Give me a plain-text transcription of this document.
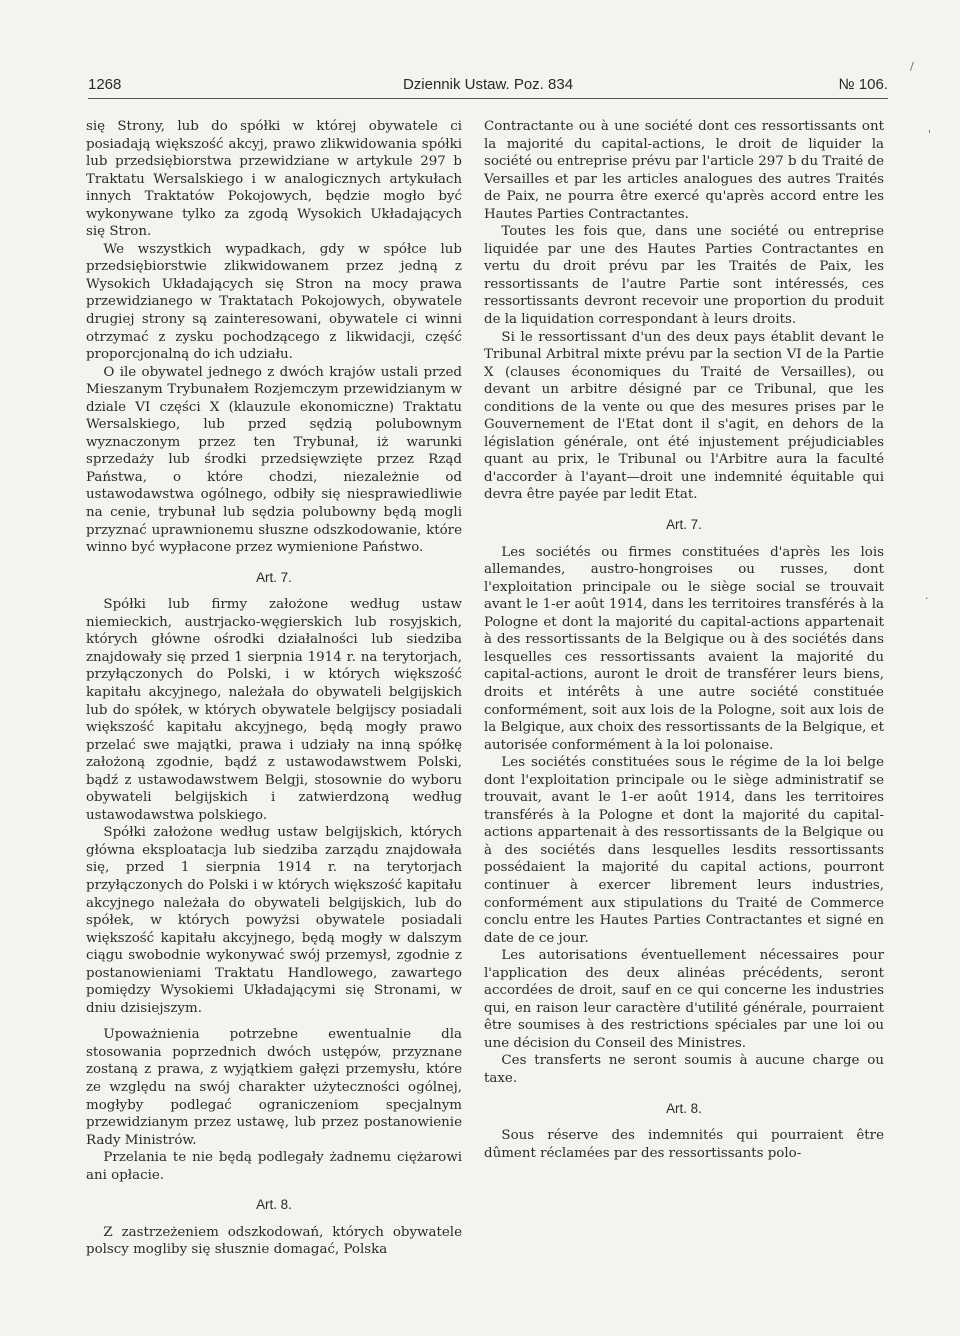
1268	Dziennik Ustaw. Poz. 834	№ 106.

się Strony, lub do spółki w której obywatele ci posiadają większość akcyj, prawo zlikwidowania spółki lub przedsiębiorstwa przewidziane w artykule 297 b Traktatu Wersalskiego i w analogicznych artykułach innych Traktatów Pokojowych, będzie mogło być wykonywane tylko za zgodą Wysokich Układających się Stron.

We wszystkich wypadkach, gdy w spółce lub przedsiębiorstwie zlikwidowanem przez jedną z Wysokich Układających się Stron na mocy prawa przewidzianego w Traktatach Pokojowych, obywatele drugiej strony są zainteresowani, obywatele ci winni otrzymać z zysku pochodzącego z likwidacji, część proporcjonalną do ich udziału.

O ile obywatel jednego z dwóch krajów ustali przed Mieszanym Trybunałem Rozjemczym przewidzianym w dziale VI części X (klauzule ekonomiczne) Traktatu Wersalskiego, lub przed sędzią polubownym wyznaczonym przez ten Trybunał, iż warunki sprzedaży lub środki przedsięwzięte przez Rząd Państwa, o które chodzi, niezależnie od ustawodawstwa ogólnego, odbiły się niesprawiedliwie na cenie, trybunał lub sędzia polubowny będą mogli przyznać uprawnionemu słuszne odszkodowanie, które winno być wypłacone przez wymienione Państwo.

Art. 7.

Spółki lub firmy założone według ustaw niemieckich, austrjacko-węgierskich lub rosyjskich, których główne ośrodki działalności lub siedziba znajdowały się przed 1 sierpnia 1914 r. na terytorjach, przyłączonych do Polski, i w których większość kapitału akcyjnego, należała do obywateli belgijskich lub do spółek, w których obywatele belgijscy posiadali większość kapitału akcyjnego, będą mogły prawo przelać swe majątki, prawa i udziały na inną spółkę założoną zgodnie, bądź z ustawodawstwem Polski, bądź z ustawodawstwem Belgji, stosownie do wyboru obywateli belgijskich i zatwierdzoną według ustawodawstwa polskiego.

Spółki założone według ustaw belgijskich, których główna eksploatacja lub siedziba zarządu znajdowała się, przed 1 sierpnia 1914 r. na terytorjach przyłączonych do Polski i w których większość kapitału akcyjnego należała do obywateli belgijskich, lub do spółek, w których powyżsi obywatele posiadali większość kapitału akcyjnego, będą mogły w dalszym ciągu swobodnie wykonywać swój przemysł, zgodnie z postanowieniami Traktatu Handlowego, zawartego pomiędzy Wysokiemi Układającymi się Stronami, w dniu dzisiejszym.

Upoważnienia potrzebne ewentualnie dla stosowania poprzednich dwóch ustępów, przyznane zostaną z prawa, z wyjątkiem gałęzi przemysłu, które ze względu na swój charakter użyteczności ogólnej, mogłyby podlegać ograniczeniom specjalnym przewidzianym przez ustawę, lub przez postanowienie Rady Ministrów.

Przelania te nie będą podlegały żadnemu ciężarowi ani opłacie.

Art. 8.

Z zastrzeżeniem odszkodowań, których obywatele polscy mogliby się słusznie domagać, Polska

Contractante ou à une société dont ces ressortissants ont la majorité du capital-actions, le droit de liquider la société ou entreprise prévu par l'article 297 b du Traité de Versailles et par les articles analogues des autres Traités de Paix, ne pourra être exercé qu'après accord entre les Hautes Parties Contractantes.

Toutes les fois que, dans une société ou entreprise liquidée par une des Hautes Parties Contractantes en vertu du droit prévu par les Traités de Paix, les ressortissants de l'autre Partie sont intéressés, ces ressortissants devront recevoir une proportion du produit de la liquidation correspondant à leurs droits.

Si le ressortissant d'un des deux pays établit devant le Tribunal Arbitral mixte prévu par la section VI de la Partie X (clauses économiques du Traité de Versailles), ou devant un arbitre désigné par ce Tribunal, que les conditions de la vente ou que des mesures prises par le Gouvernement de l'Etat dont il s'agit, en dehors de la législation générale, ont été injustement préjudiciables quant au prix, le Tribunal ou l'Arbitre aura la faculté d'accorder à l'ayant—droit une indemnité équitable qui devra être payée par ledit Etat.

Art. 7.

Les sociétés ou firmes constituées d'après les lois allemandes, austro-hongroises ou russes, dont l'exploitation principale ou le siège social se trouvait avant le 1-er août 1914, dans les territoires transférés à la Pologne et dont la majorité du capital-actions appartenait à des ressortissants de la Belgique ou à des sociétés dans lesquelles ces ressortissants avaient la majorité du capital-actions, auront le droit de transférer leurs biens, droits et intérêts à une autre société constituée conformément, soit aux lois de la Pologne, soit aux lois de la Belgique, aux choix des ressortissants de la Belgique, et autorisée conformément à la loi polonaise.

Les sociétés constituées sous le régime de la loi belge dont l'exploitation principale ou le siège administratif se trouvait, avant le 1-er août 1914, dans les territoires transférés à la Pologne et dont la majorité du capital-actions appartenait à des ressortissants de la Belgique ou à des sociétés dans lesquelles lesdits ressortissants possédaient la majorité du capital actions, pourront continuer à exercer librement leurs industries, conformément aux stipulations du Traité de Commerce conclu entre les Hautes Parties Contractantes et signé en date de ce jour.

Les autorisations éventuellement nécessaires pour l'application des deux alinéas précédents, seront accordées de droit, sauf en ce qui concerne les industries qui, en raison leur caractère d'utilité générale, pourraient être soumises à des restrictions spéciales par une loi ou une décision du Conseil des Ministres.

Ces transferts ne seront soumis à aucune charge ou taxe.

Art. 8.

Sous réserve des indemnités qui pourraient être dûment réclamées par des ressortissants polo-

/
'
·
